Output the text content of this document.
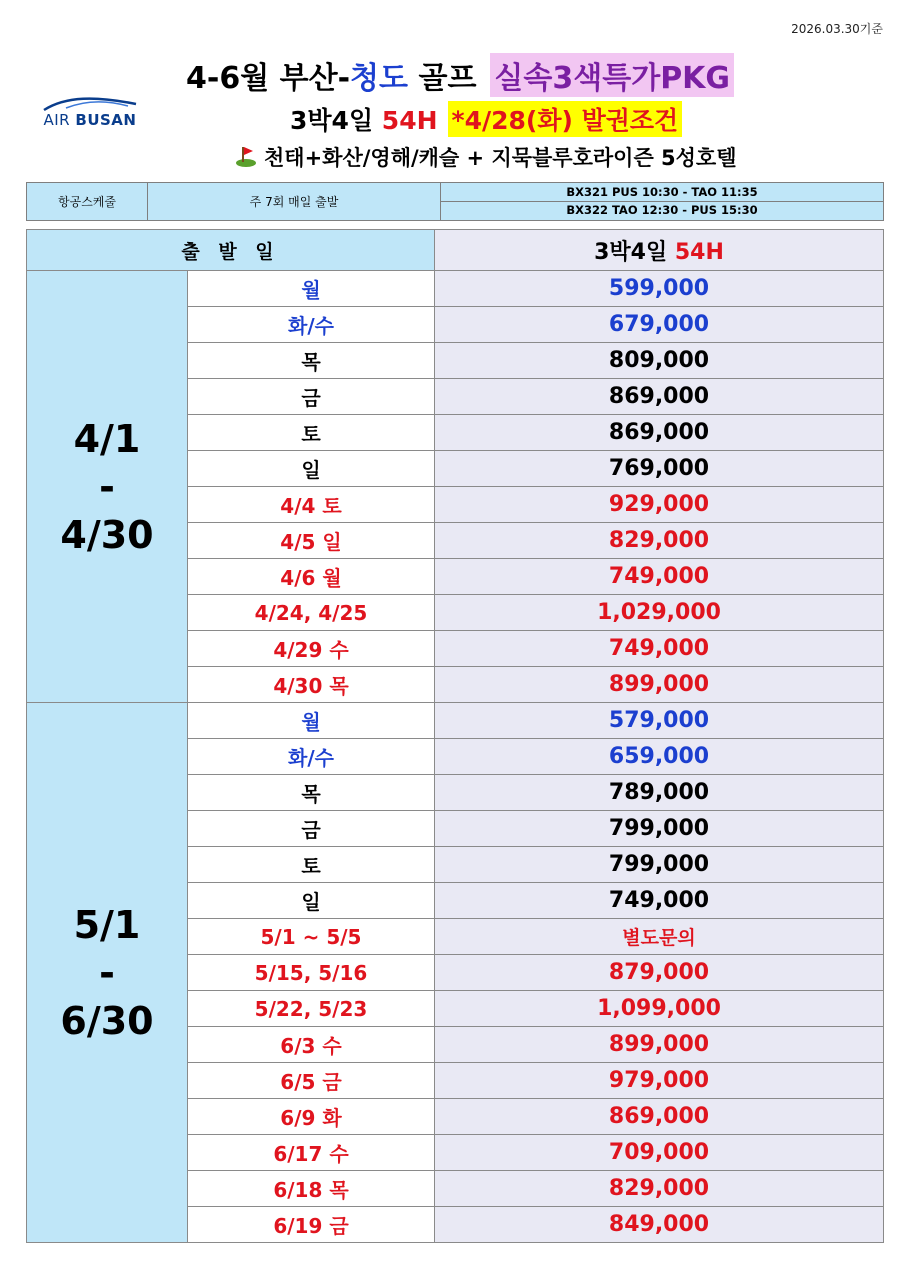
2026.03.30기준
AIR BUSAN
4-6월 부산-청도 골프 실속3색특가PKG
3박4일 54H *4/28(화) 발권조건
천태+화산/영해/캐슬 + 지묵블루호라이즌 5성호텔
항공스케줄	주 7회 매일 출발	
BX321 PUS 10:30 - TAO 11:35
BX322 TAO 12:30 - PUS 15:30
출 발 일		3박4일 54H

4/1
-
4/30	월	599,000
	화/수	679,000
	목	809,000
	금	869,000
	토	869,000
	일	769,000
	4/4 토	929,000
	4/5 일	829,000
	4/6 월	749,000
	4/24, 4/25	1,029,000
	4/29 수	749,000
	4/30 목	899,000

5/1
-
6/30	월	579,000
	화/수	659,000
	목	789,000
	금	799,000
	토	799,000
	일	749,000
	5/1 ~ 5/5	별도문의
	5/15, 5/16	879,000
	5/22, 5/23	1,099,000
	6/3 수	899,000
	6/5 금	979,000
	6/9 화	869,000
	6/17 수	709,000
	6/18 목	829,000
	6/19 금	849,000
